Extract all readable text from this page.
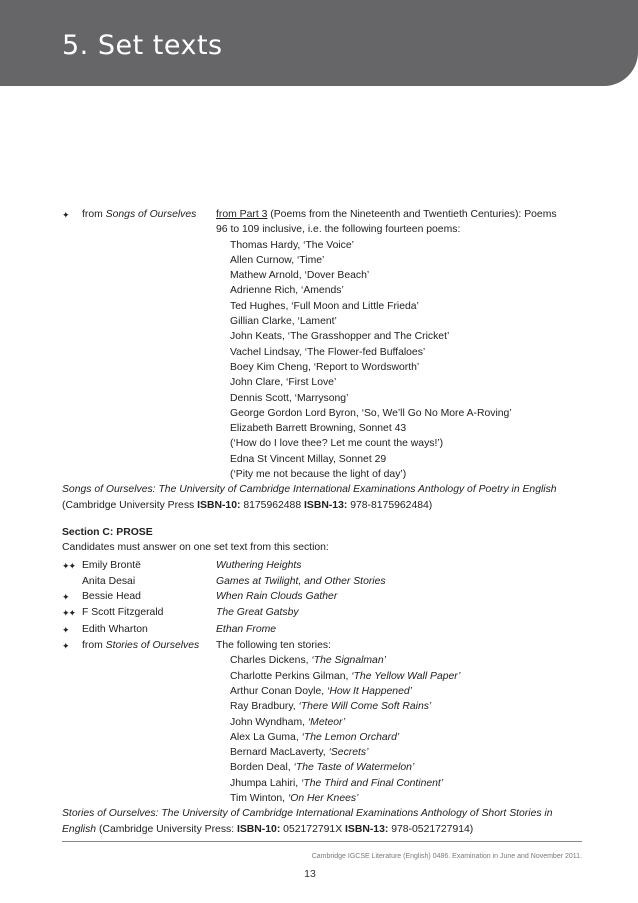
5. Set texts
✦	from Songs of Ourselves	from Part 3 (Poems from the Nineteenth and Twentieth Centuries): Poems
96 to 109 inclusive, i.e. the following fourteen poems:
Thomas Hardy, ‘The Voice’
Allen Curnow, ‘Time’
Mathew Arnold, ‘Dover Beach’
Adrienne Rich, ‘Amends’
Ted Hughes, ‘Full Moon and Little Frieda’
Gillian Clarke, ‘Lament’
John Keats, ‘The Grasshopper and The Cricket’
Vachel Lindsay, ‘The Flower-fed Buffaloes’
Boey Kim Cheng, ‘Report to Wordsworth’
John Clare, ‘First Love’
Dennis Scott, ‘Marrysong’
George Gordon Lord Byron, ‘So, We’ll Go No More A-Roving’
Elizabeth Barrett Browning, Sonnet 43
(‘How do I love thee? Let me count the ways!’)
Edna St Vincent Millay, Sonnet 29
(‘Pity me not because the light of day’)
Songs of Ourselves: The University of Cambridge International Examinations Anthology of Poetry in English
(Cambridge University Press ISBN-10: 8175962488 ISBN-13: 978-8175962484)
Section C: PROSE
Candidates must answer on one set text from this section:
✦✦ Emily Brontë	Wuthering Heights
Anita Desai	Games at Twilight, and Other Stories
✦	Bessie Head	When Rain Clouds Gather
✦✦ F Scott Fitzgerald	The Great Gatsby
✦	Edith Wharton	Ethan Frome
✦	from Stories of Ourselves	The following ten stories:
Charles Dickens, ‘The Signalman’
Charlotte Perkins Gilman, ‘The Yellow Wall Paper’
Arthur Conan Doyle, ‘How It Happened’
Ray Bradbury, ‘There Will Come Soft Rains’
John Wyndham, ‘Meteor’
Alex La Guma, ‘The Lemon Orchard’
Bernard MacLaverty, ‘Secrets’
Borden Deal, ‘The Taste of Watermelon’
Jhumpa Lahiri, ‘The Third and Final Continent’
Tim Winton, ‘On Her Knees’
Stories of Ourselves: The University of Cambridge International Examinations Anthology of Short Stories in
English (Cambridge University Press: ISBN-10: 052172791X ISBN-13: 978-0521727914)
Cambridge IGCSE Literature (English) 0486. Examination in June and November 2011.
13
